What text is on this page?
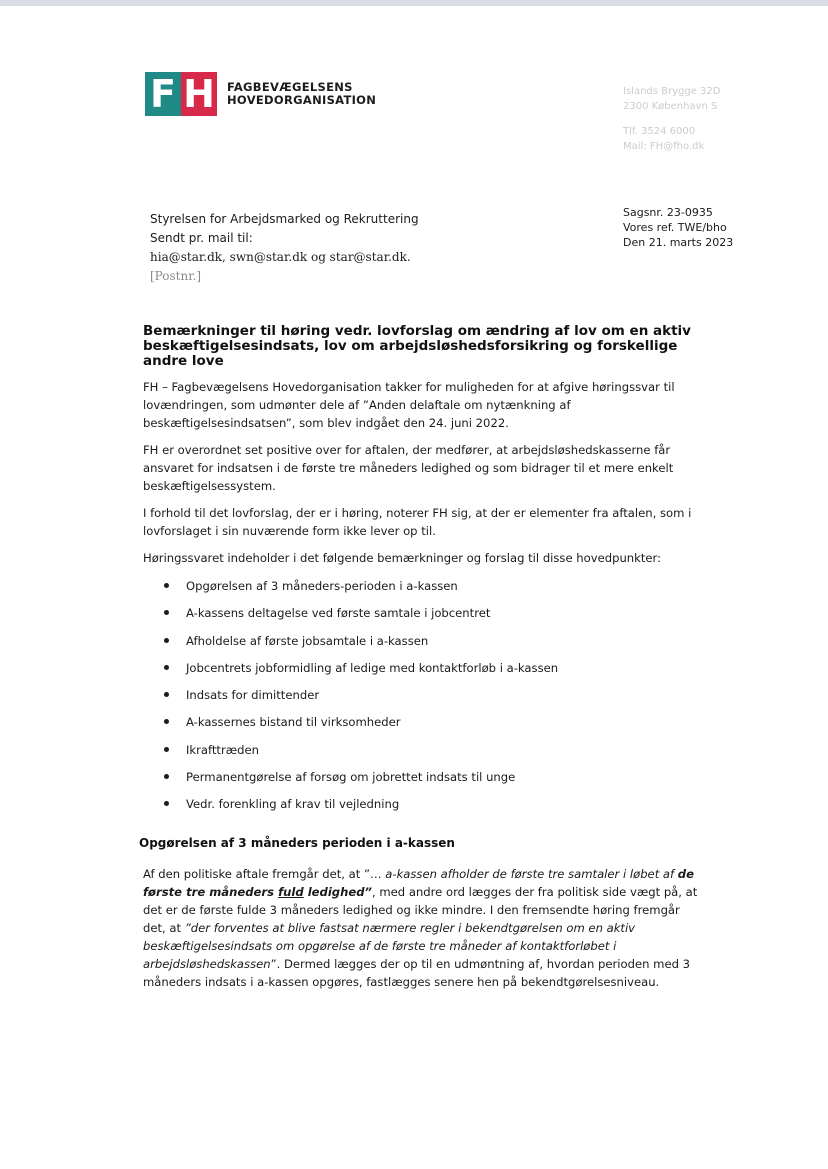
F H FAGBEVÆGELSENS
HOVEDORGANISATION
Islands Brygge 32D
2300 København S
Tlf. 3524 6000
Mail: FH@fho.dk
Styrelsen for Arbejdsmarked og Rekruttering
Sendt pr. mail til:
hia@star.dk, swn@star.dk og star@star.dk.
[Postnr.]
Sagsnr. 23-0935
Vores ref. TWE/bho
Den 21. marts 2023
Bemærkninger til høring vedr. lovforslag om ændring af lov om en aktiv beskæftigelsesindsats, lov om arbejdsløshedsforsikring og forskellige andre love

FH – Fagbevægelsens Hovedorganisation takker for muligheden for at afgive høringssvar til lovændringen, som udmønter dele af ”Anden delaftale om nytænkning af beskæftigelsesindsatsen”, som blev indgået den 24. juni 2022.

FH er overordnet set positive over for aftalen, der medfører, at arbejdsløshedskasserne får ansvaret for indsatsen i de første tre måneders ledighed og som bidrager til et mere enkelt beskæftigelsessystem.

I forhold til det lovforslag, der er i høring, noterer FH sig, at der er elementer fra aftalen, som i lovforslaget i sin nuværende form ikke lever op til.

Høringssvaret indeholder i det følgende bemærkninger og forslag til disse hovedpunkter:

Opgørelsen af 3 måneders-perioden i a-kassen
A-kassens deltagelse ved første samtale i jobcentret
Afholdelse af første jobsamtale i a-kassen
Jobcentrets jobformidling af ledige med kontaktforløb i a-kassen
Indsats for dimittender
A-kassernes bistand til virksomheder
Ikrafttræden
Permanentgørelse af forsøg om jobrettet indsats til unge
Vedr. forenkling af krav til vejledning
Opgørelsen af 3 måneders perioden i a-kassen

Af den politiske aftale fremgår det, at ”… a-kassen afholder de første tre samtaler i løbet af de første tre måneders fuld ledighed”, med andre ord lægges der fra politisk side vægt på, at det er de første fulde 3 måneders ledighed og ikke mindre. I den fremsendte høring fremgår det, at ”der forventes at blive fastsat nærmere regler i bekendtgørelsen om en aktiv beskæftigelsesindsats om opgørelse af de første tre måneder af kontaktforløbet i arbejdsløshedskassen”. Dermed lægges der op til en udmøntning af, hvordan perioden med 3 måneders indsats i a-kassen opgøres, fastlægges senere hen på bekendtgørelsesniveau.
